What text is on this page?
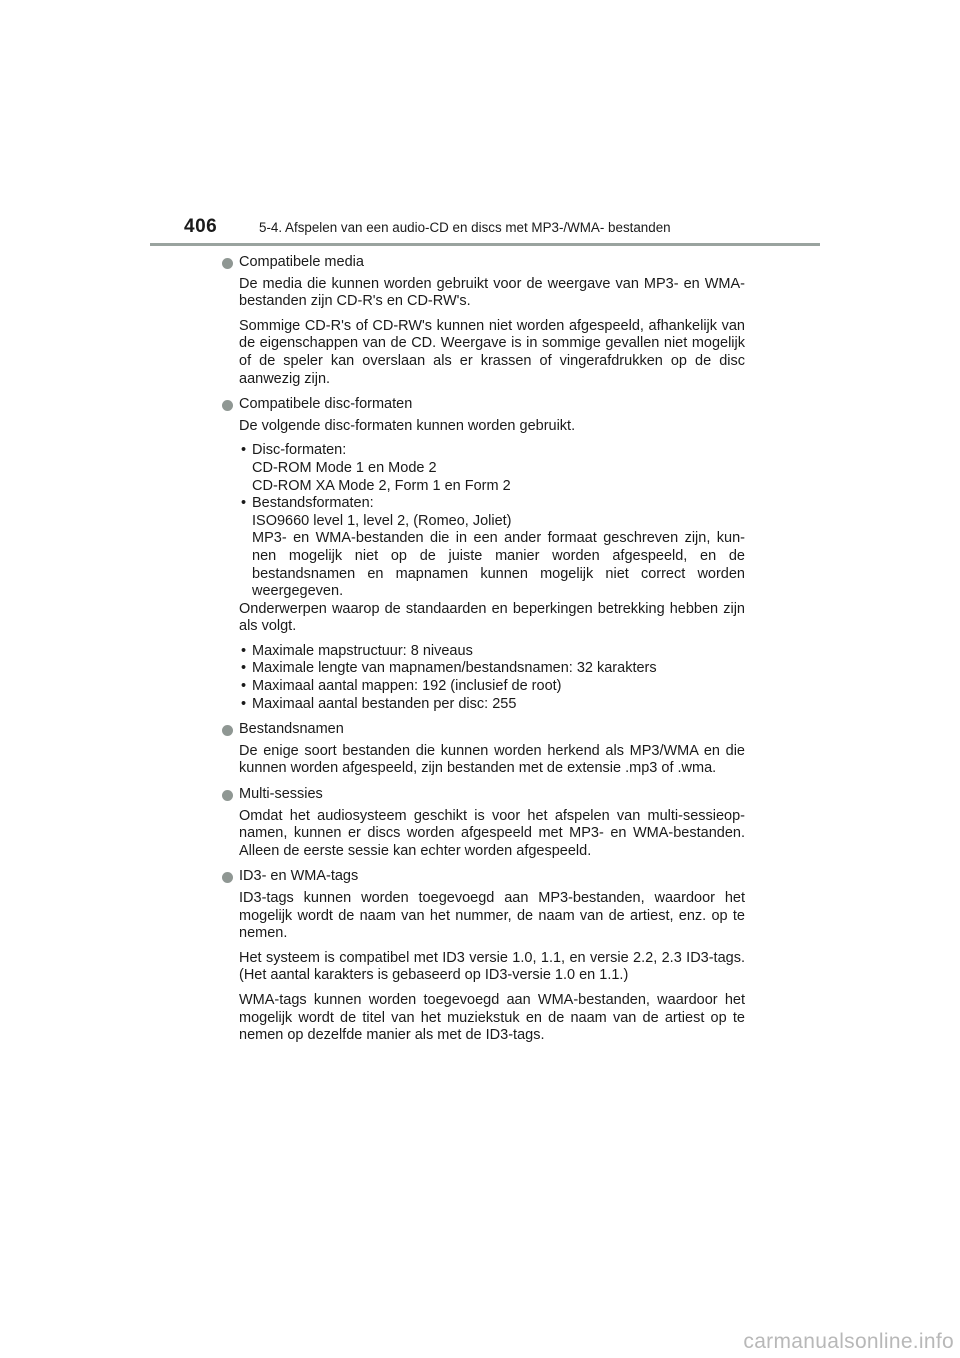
406	5-4. Afspelen van een audio-CD en discs met MP3-/WMA- bestanden
Compatibele media

De media die kunnen worden gebruikt voor de weergave van MP3- en WMA-bestanden zijn CD-R's en CD-RW's.

Sommige CD-R's of CD-RW's kunnen niet worden afgespeeld, afhankelijk van de eigenschappen van de CD. Weergave is in sommige gevallen niet mogelijk of de speler kan overslaan als er krassen of vingerafdrukken op de disc aanwezig zijn.

Compatibele disc-formaten

De volgende disc-formaten kunnen worden gebruikt.

• Disc-formaten:
CD-ROM Mode 1 en Mode 2
CD-ROM XA Mode 2, Form 1 en Form 2
• Bestandsformaten:
ISO9660 level 1, level 2, (Romeo, Joliet)
MP3- en WMA-bestanden die in een ander formaat geschreven zijn, kun-nen mogelijk niet op de juiste manier worden afgespeeld, en de bestandsnamen en mapnamen kunnen mogelijk niet correct worden weergegeven.

Onderwerpen waarop de standaarden en beperkingen betrekking hebben zijn als volgt.

• Maximale mapstructuur: 8 niveaus
• Maximale lengte van mapnamen/bestandsnamen: 32 karakters
• Maximaal aantal mappen: 192 (inclusief de root)
• Maximaal aantal bestanden per disc: 255
Bestandsnamen

De enige soort bestanden die kunnen worden herkend als MP3/WMA en die kunnen worden afgespeeld, zijn bestanden met de extensie .mp3 of .wma.

Multi-sessies

Omdat het audiosysteem geschikt is voor het afspelen van multi-sessieop-namen, kunnen er discs worden afgespeeld met MP3- en WMA-bestanden. Alleen de eerste sessie kan echter worden afgespeeld.

ID3- en WMA-tags

ID3-tags kunnen worden toegevoegd aan MP3-bestanden, waardoor het mogelijk wordt de naam van het nummer, de naam van de artiest, enz. op te nemen.

Het systeem is compatibel met ID3 versie 1.0, 1.1, en versie 2.2, 2.3 ID3-tags. (Het aantal karakters is gebaseerd op ID3-versie 1.0 en 1.1.)

WMA-tags kunnen worden toegevoegd aan WMA-bestanden, waardoor het mogelijk wordt de titel van het muziekstuk en de naam van de artiest op te nemen op dezelfde manier als met de ID3-tags.

carmanualsonline.info
